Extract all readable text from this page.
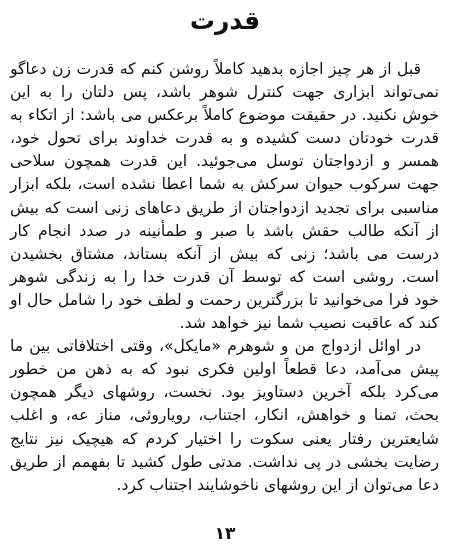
قدرت

قبل از هر چیز اجازه بدهید کاملاً روشن کنم که قدرت زن دعاگو نمی‌تواند ابزاری جهت کنترل شوهر باشد، پس دلتان را به این خوش نکنید. در حقیقت موضوع کاملاً برعکس می باشد: از اتکاء به قدرت خودتان دست کشیده و به قدرت خداوند برای تحول خود، همسر و ازدواجتان توسل می‌جوئید. این قدرت همچون سلاحی جهت سرکوب حیوان سرکش به شما اعطا نشده است، بلکه ابزار مناسبی برای تجدید ازدواجتان از طریق دعاهای زنی است که بیش از آنکه طالب حقش باشد با صبر و طمأنینه در صدد انجام کار درست می باشد؛ زنی که بیش از آنکه بستاند، مشتاق بخشیدن است. روشی است که توسط آن قدرت خدا را به زندگی شوهر خود فرا می‌خوانید تا بزرگترین رحمت و لطف خود را شامل حال او کند که عاقبت نصیب شما نیز خواهد شد.

در اوائل ازدواج من و شوهرم «مایکل»، وقتی اختلافاتی بین ما پیش می‌آمد، دعا قطعاً اولین فکری نبود که به ذهن من خطور می‌کرد بلکه آخرین دستاویز بود. نخست، روشهای دیگر همچون بحث، تمنا و خواهش، انکار، اجتناب، رویاروئی، مناز عه، و اغلب شایعترین رفتار یعنی سکوت را اختیار کردم که هیچیک نیز نتایج رضایت بخشی در پی نداشت. مدتی طول کشید تا بفهمم از طریق دعا می‌توان از این روشهای ناخوشایند اجتناب کرد.

۱۳
